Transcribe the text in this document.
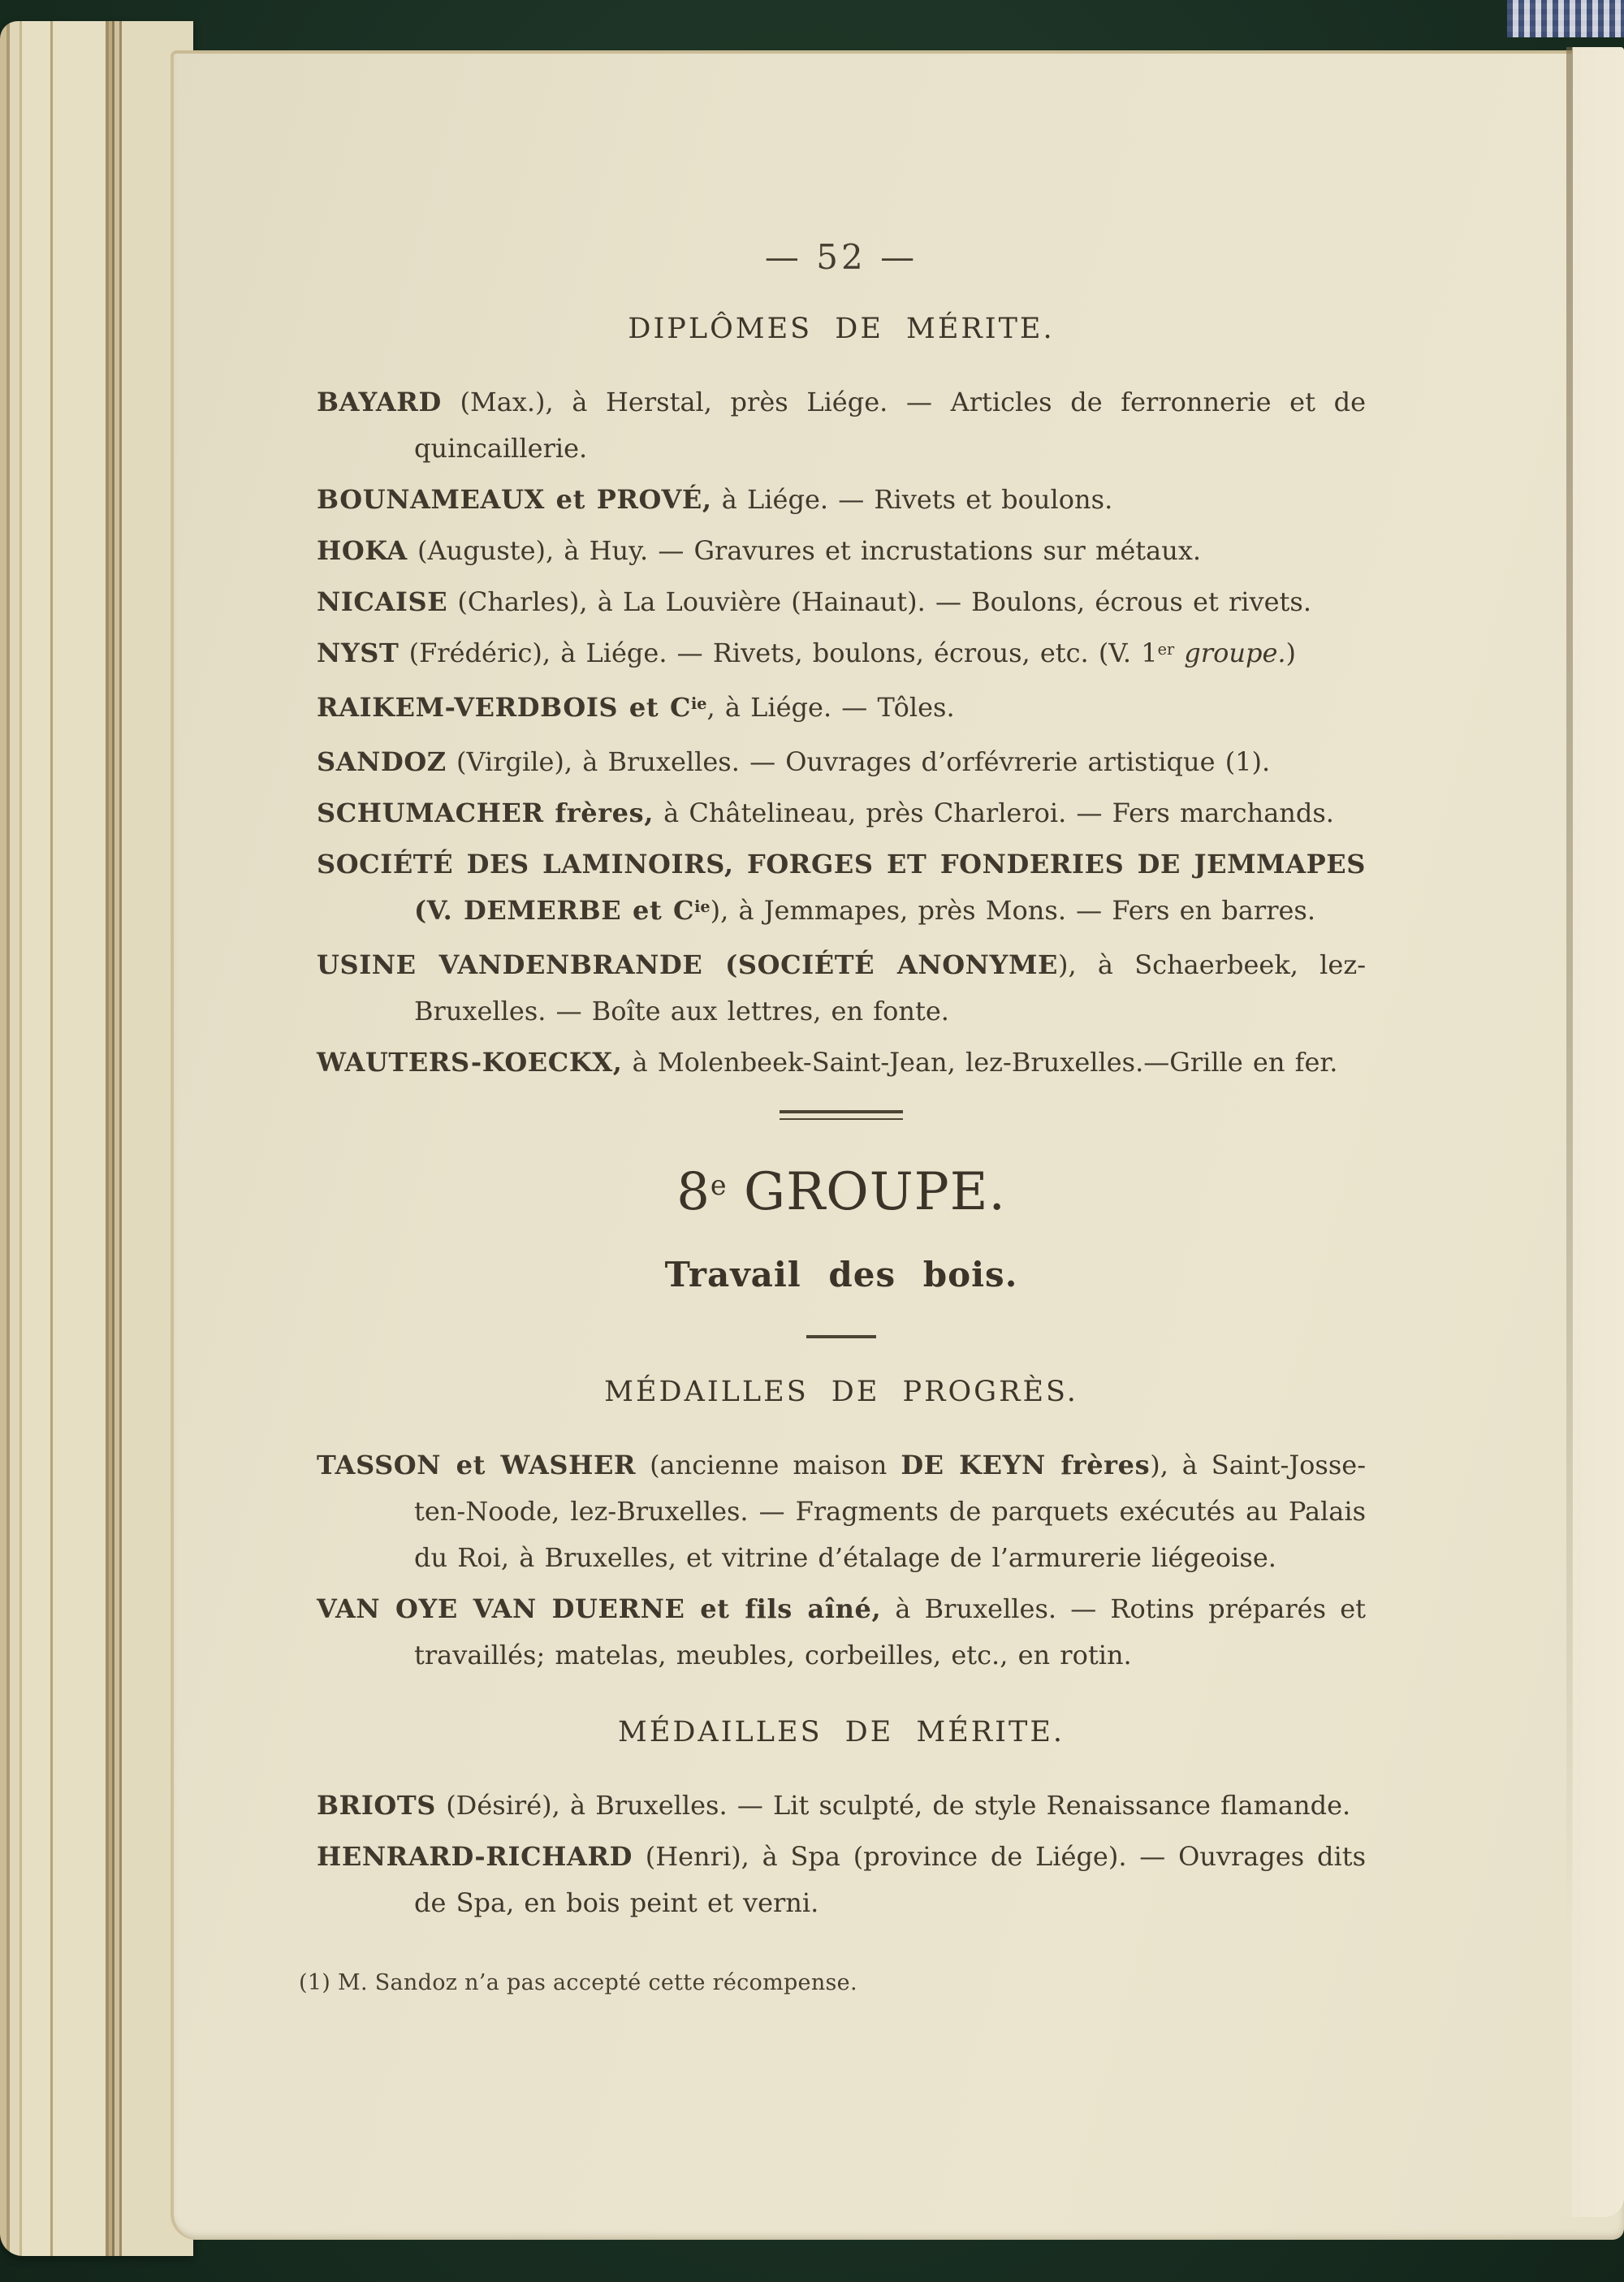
— 52 —
DIPLÔMES DE MÉRITE.
BAYARD (Max.), à Herstal, près Liége. — Articles de ferronnerie et de quincaillerie.
BOUNAMEAUX et PROVÉ, à Liége. — Rivets et boulons.
HOKA (Auguste), à Huy. — Gravures et incrustations sur métaux.
NICAISE (Charles), à La Louvière (Hainaut). — Boulons, écrous et rivets.
NYST (Frédéric), à Liége. — Rivets, boulons, écrous, etc. (V. 1er groupe.)
RAIKEM-VERDBOIS et $C^{ie}$, à Liége. — Tôles.
SANDOZ (Virgile), à Bruxelles. — Ouvrages d’orfévrerie artistique (1).
SCHUMACHER frères, à Châtelineau, près Charleroi. — Fers marchands.
SOCIÉTÉ DES LAMINOIRS, FORGES ET FONDERIES DE JEMMAPES (V. DEMERBE et $C^{ie}$), à Jemmapes, près Mons. — Fers en barres.
USINE VANDENBRANDE (SOCIÉTÉ ANONYME), à Schaerbeek, lez-Bruxelles. — Boîte aux lettres, en fonte.
WAUTERS-KOECKX, à Molenbeek-Saint-Jean, lez-Bruxelles.—Grille en fer.
8e GROUPE.
Travail des bois.
MÉDAILLES DE PROGRÈS.
TASSON et WASHER (ancienne maison DE KEYN frères), à Saint-Josse-ten-Noode, lez-Bruxelles. — Fragments de parquets exécutés au Palais du Roi, à Bruxelles, et vitrine d’étalage de l’armurerie liégeoise.
VAN OYE VAN DUERNE et fils aîné, à Bruxelles. — Rotins préparés et travaillés; matelas, meubles, corbeilles, etc., en rotin.
MÉDAILLES DE MÉRITE.
BRIOTS (Désiré), à Bruxelles. — Lit sculpté, de style Renaissance flamande.
HENRARD-RICHARD (Henri), à Spa (province de Liége). — Ouvrages dits de Spa, en bois peint et verni.
(1) M. Sandoz n’a pas accepté cette récompense.
